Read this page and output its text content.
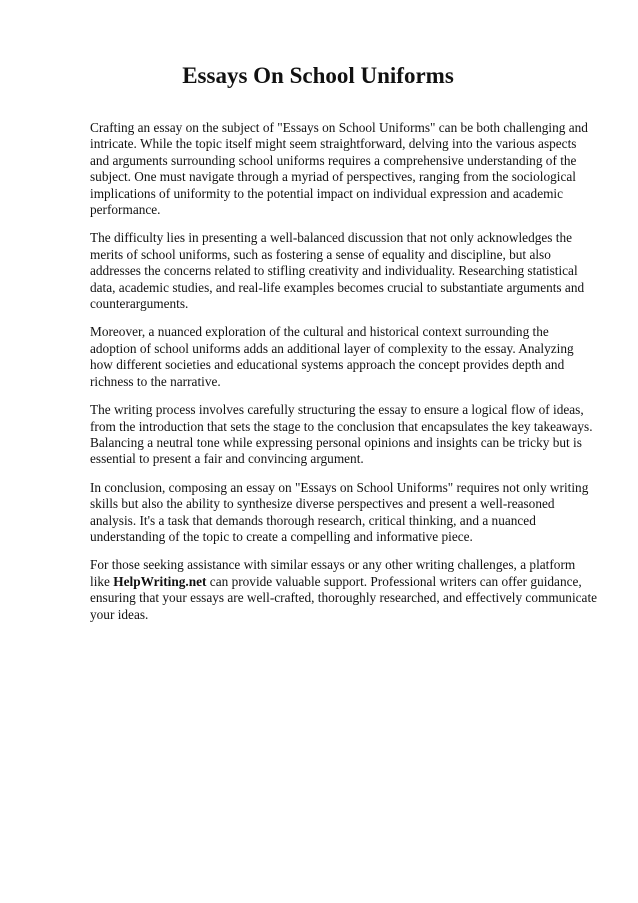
Essays On School Uniforms

Crafting an essay on the subject of "Essays on School Uniforms" can be both challenging and intricate. While the topic itself might seem straightforward, delving into the various aspects and arguments surrounding school uniforms requires a comprehensive understanding of the subject. One must navigate through a myriad of perspectives, ranging from the sociological implications of uniformity to the potential impact on individual expression and academic performance.

The difficulty lies in presenting a well-balanced discussion that not only acknowledges the merits of school uniforms, such as fostering a sense of equality and discipline, but also addresses the concerns related to stifling creativity and individuality. Researching statistical data, academic studies, and real-life examples becomes crucial to substantiate arguments and counterarguments.

Moreover, a nuanced exploration of the cultural and historical context surrounding the adoption of school uniforms adds an additional layer of complexity to the essay. Analyzing how different societies and educational systems approach the concept provides depth and richness to the narrative.

The writing process involves carefully structuring the essay to ensure a logical flow of ideas, from the introduction that sets the stage to the conclusion that encapsulates the key takeaways. Balancing a neutral tone while expressing personal opinions and insights can be tricky but is essential to present a fair and convincing argument.

In conclusion, composing an essay on "Essays on School Uniforms" requires not only writing skills but also the ability to synthesize diverse perspectives and present a well-reasoned analysis. It's a task that demands thorough research, critical thinking, and a nuanced understanding of the topic to create a compelling and informative piece.

For those seeking assistance with similar essays or any other writing challenges, a platform like HelpWriting.net can provide valuable support. Professional writers can offer guidance, ensuring that your essays are well-crafted, thoroughly researched, and effectively communicate your ideas.
